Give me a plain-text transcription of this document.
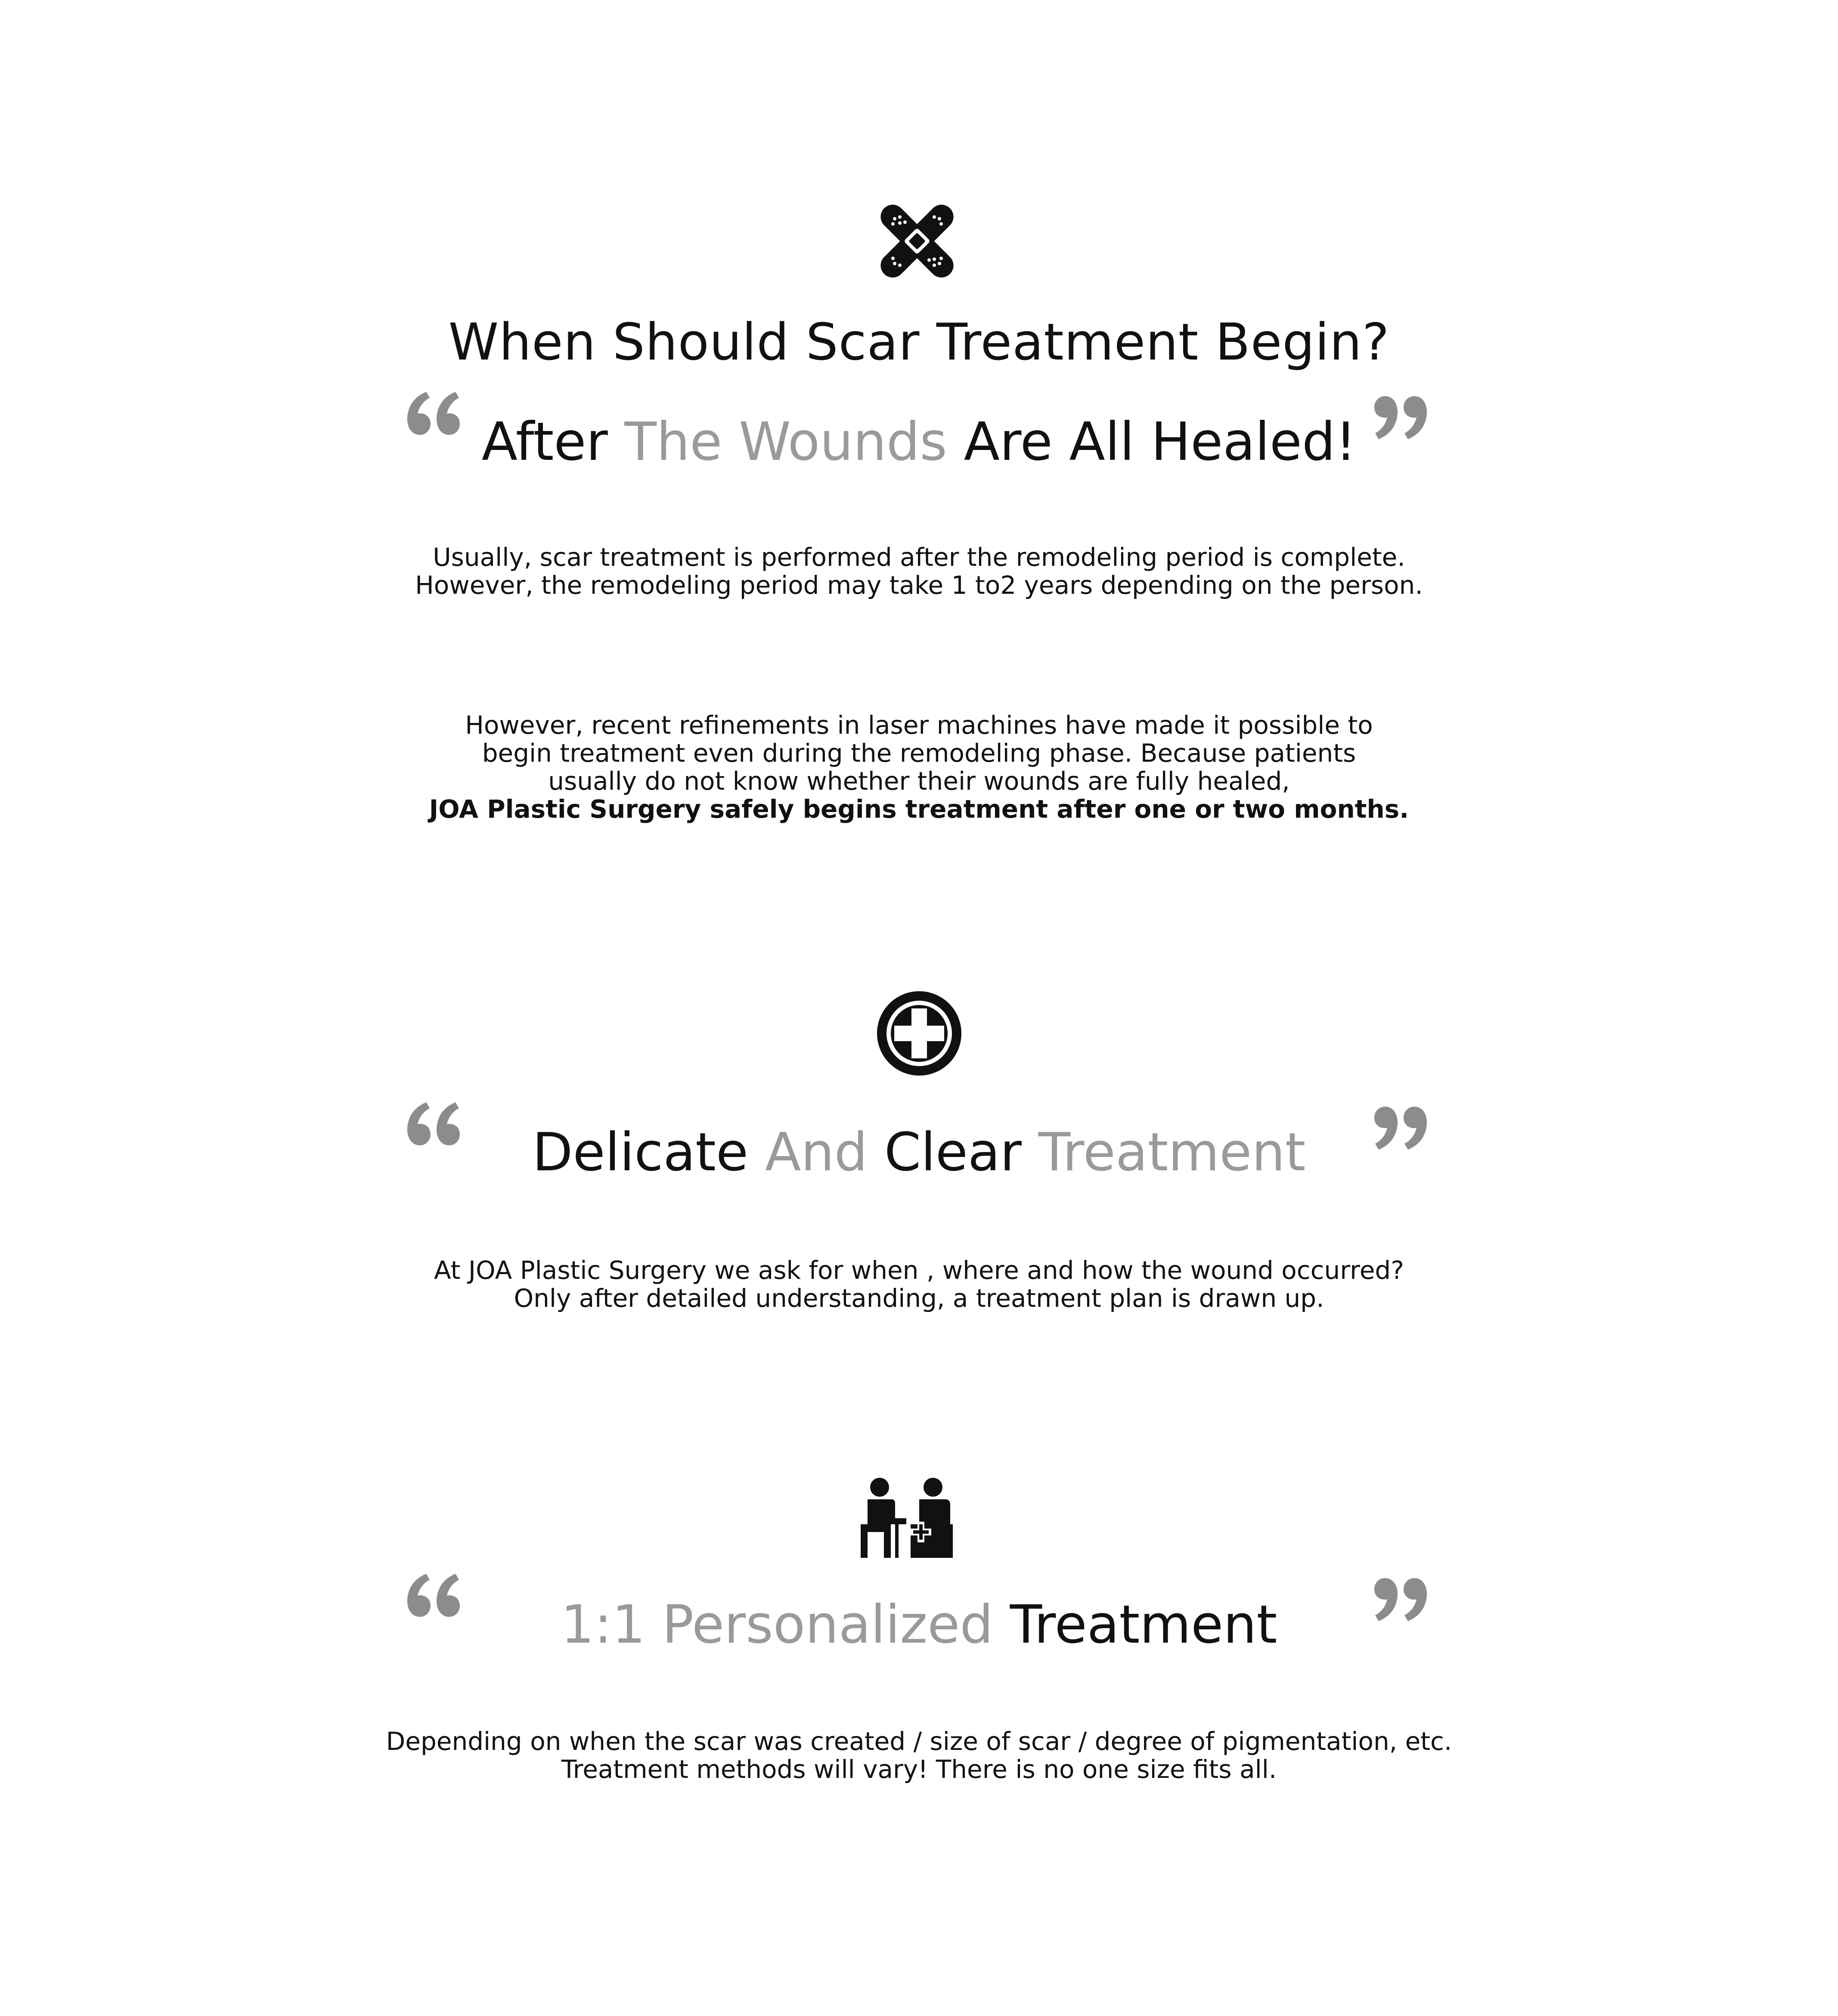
When Should Scar Treatment Begin?
After The Wounds Are All Healed!
Usually, scar treatment is performed after the remodeling period is complete.
However, the remodeling period may take 1 to2 years depending on the person.
However, recent refinements in laser machines have made it possible to
begin treatment even during the remodeling phase. Because patients
usually do not know whether their wounds are fully healed,
JOA Plastic Surgery safely begins treatment after one or two months.
Delicate And Clear Treatment
At JOA Plastic Surgery we ask for when , where and how the wound occurred?
Only after detailed understanding, a treatment plan is drawn up.
1:1 Personalized Treatment
Depending on when the scar was created / size of scar / degree of pigmentation, etc.
Treatment methods will vary! There is no one size fits all.
